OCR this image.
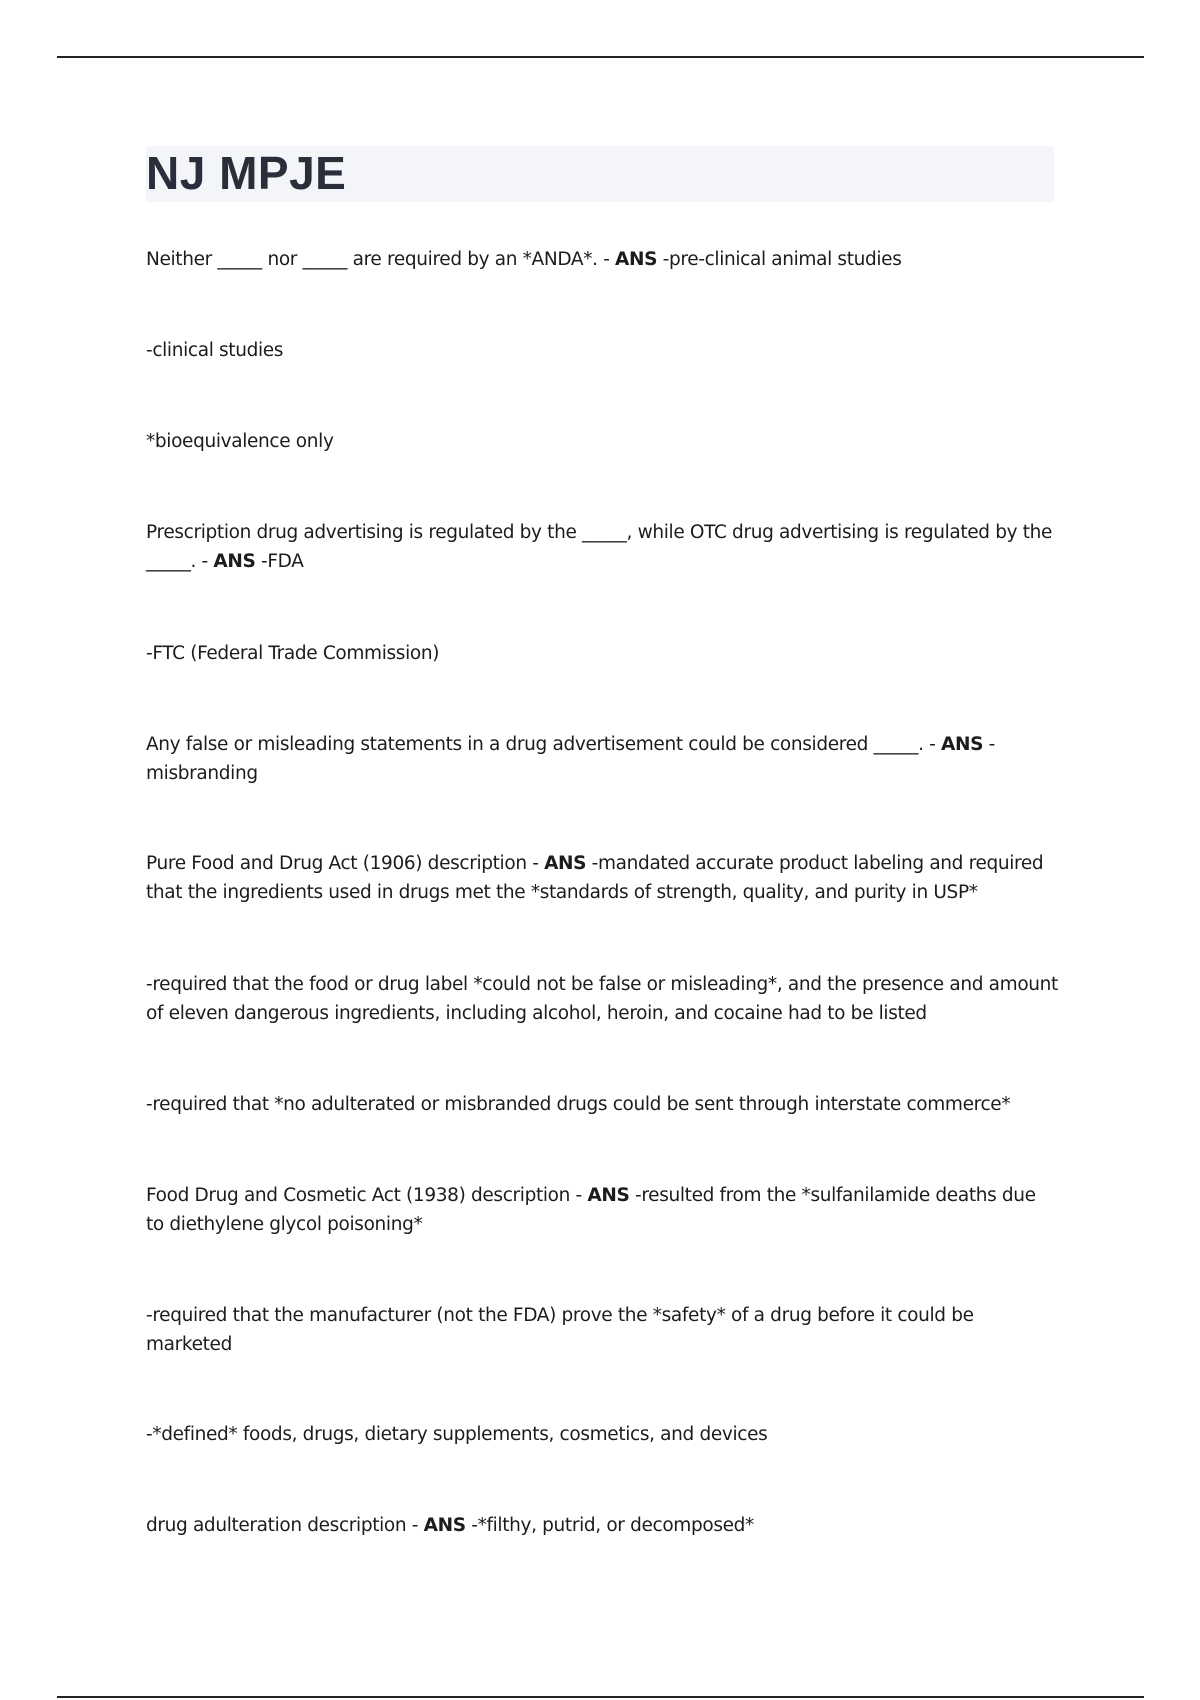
NJ MPJE

Neither _____ nor _____ are required by an *ANDA*. - ANS -pre-clinical animal studies

-clinical studies

*bioequivalence only

Prescription drug advertising is regulated by the _____, while OTC drug advertising is regulated by the _____. - ANS -FDA

-FTC (Federal Trade Commission)

Any false or misleading statements in a drug advertisement could be considered _____. - ANS -misbranding

Pure Food and Drug Act (1906) description - ANS -mandated accurate product labeling and required that the ingredients used in drugs met the *standards of strength, quality, and purity in USP*

-required that the food or drug label *could not be false or misleading*, and the presence and amount of eleven dangerous ingredients, including alcohol, heroin, and cocaine had to be listed

-required that *no adulterated or misbranded drugs could be sent through interstate commerce*

Food Drug and Cosmetic Act (1938) description - ANS -resulted from the *sulfanilamide deaths due to diethylene glycol poisoning*

-required that the manufacturer (not the FDA) prove the *safety* of a drug before it could be marketed

-*defined* foods, drugs, dietary supplements, cosmetics, and devices

drug adulteration description - ANS -*filthy, putrid, or decomposed*
